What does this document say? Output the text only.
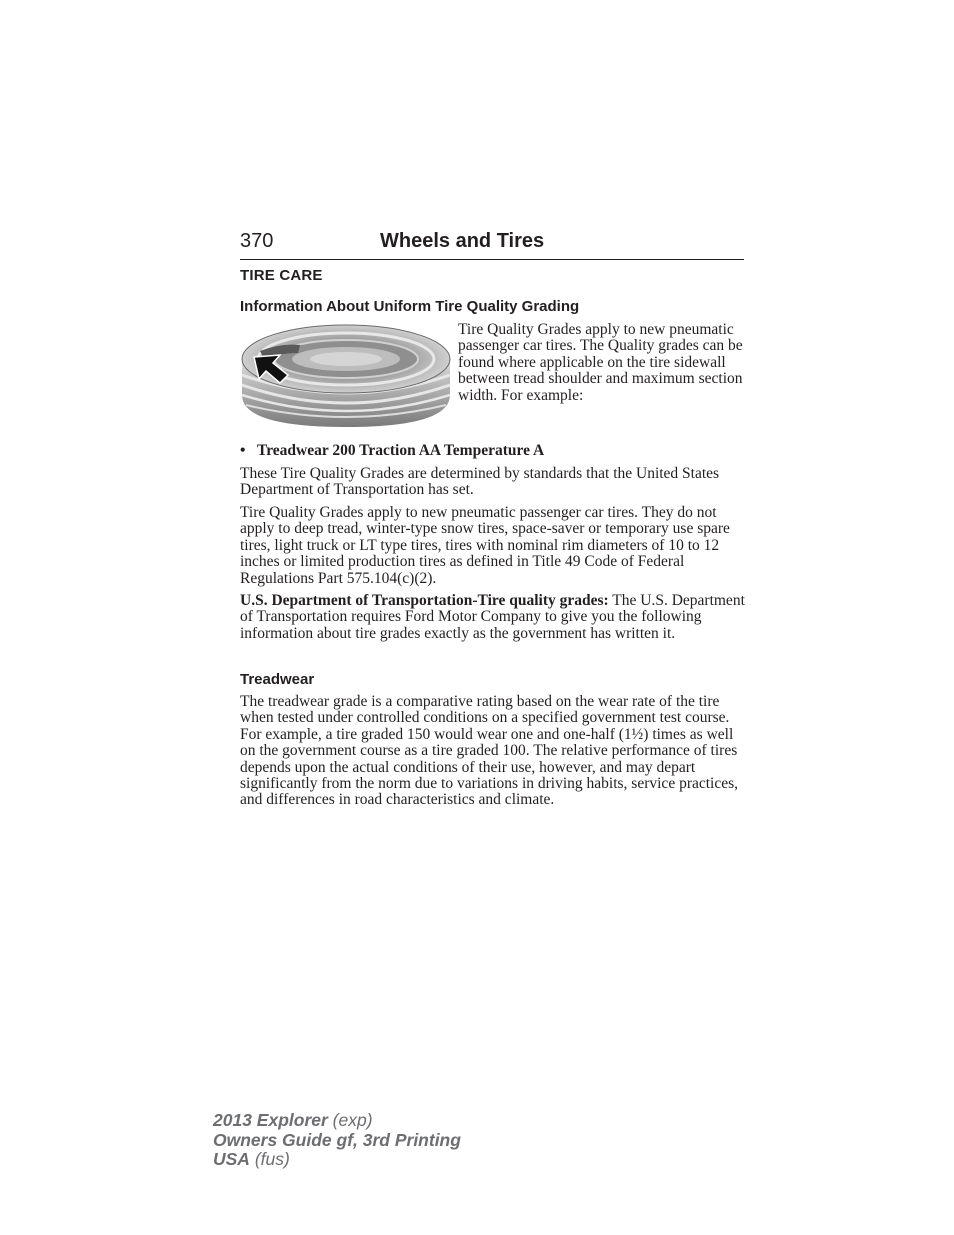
370	Wheels and Tires
TIRE CARE
Information About Uniform Tire Quality Grading
Tire Quality Grades apply to new pneumatic passenger car tires. The Quality grades can be found where applicable on the tire sidewall between tread shoulder and maximum section width. For example:
• Treadwear 200 Traction AA Temperature A
These Tire Quality Grades are determined by standards that the United States Department of Transportation has set.
Tire Quality Grades apply to new pneumatic passenger car tires. They do not apply to deep tread, winter-type snow tires, space-saver or temporary use spare tires, light truck or LT type tires, tires with nominal rim diameters of 10 to 12 inches or limited production tires as defined in Title 49 Code of Federal Regulations Part 575.104(c)(2).
U.S. Department of Transportation-Tire quality grades: The U.S. Department of Transportation requires Ford Motor Company to give you the following information about tire grades exactly as the government has written it.
Treadwear
The treadwear grade is a comparative rating based on the wear rate of the tire when tested under controlled conditions on a specified government test course. For example, a tire graded 150 would wear one and one-half (1½) times as well on the government course as a tire graded 100. The relative performance of tires depends upon the actual conditions of their use, however, and may depart significantly from the norm due to variations in driving habits, service practices, and differences in road characteristics and climate.
2013 Explorer (exp)
Owners Guide gf, 3rd Printing
USA (fus)
